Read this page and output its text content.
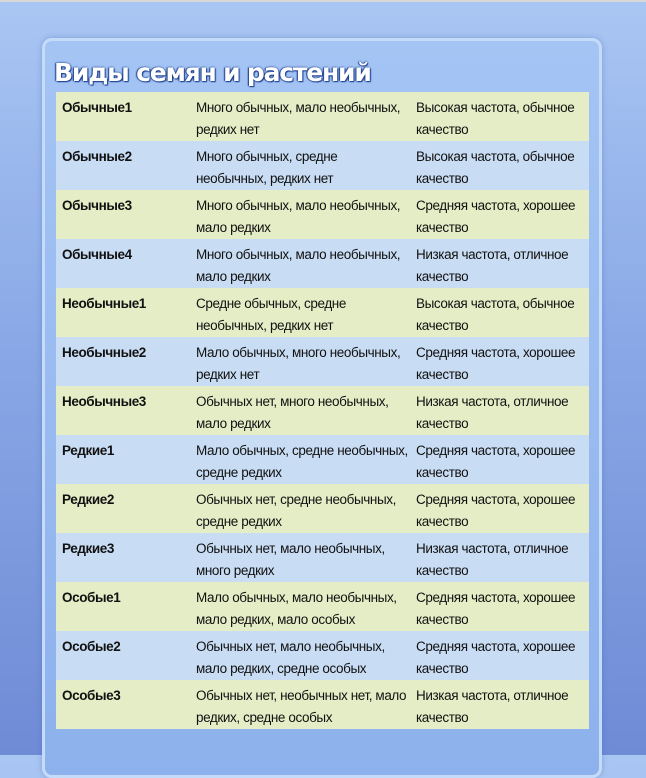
Виды семян и растений
Обычные1	Много обычных, мало необычных, редких нет	Высокая частота, обычное качество
Обычные2	Много обычных, средне необычных, редких нет	Высокая частота, обычное качество
Обычные3	Много обычных, мало необычных, мало редких	Средняя частота, хорошее качество
Обычные4	Много обычных, мало необычных, мало редких	Низкая частота, отличное качество
Необычные1	Средне обычных, средне необычных, редких нет	Высокая частота, обычное качество
Необычные2	Мало обычных, много необычных, редких нет	Средняя частота, хорошее качество
Необычные3	Обычных нет, много необычных, мало редких	Низкая частота, отличное качество
Редкие1	Мало обычных, средне необычных, средне редких	Средняя частота, хорошее качество
Редкие2	Обычных нет, средне необычных, средне редких	Средняя частота, хорошее качество
Редкие3	Обычных нет, мало необычных, много редких	Низкая частота, отличное качество
Особые1	Мало обычных, мало необычных, мало редких, мало особых	Средняя частота, хорошее качество
Особые2	Обычных нет, мало необычных, мало редких, средне особых	Средняя частота, хорошее качество
Особые3	Обычных нет, необычных нет, мало редких, средне особых	Низкая частота, отличное качество
